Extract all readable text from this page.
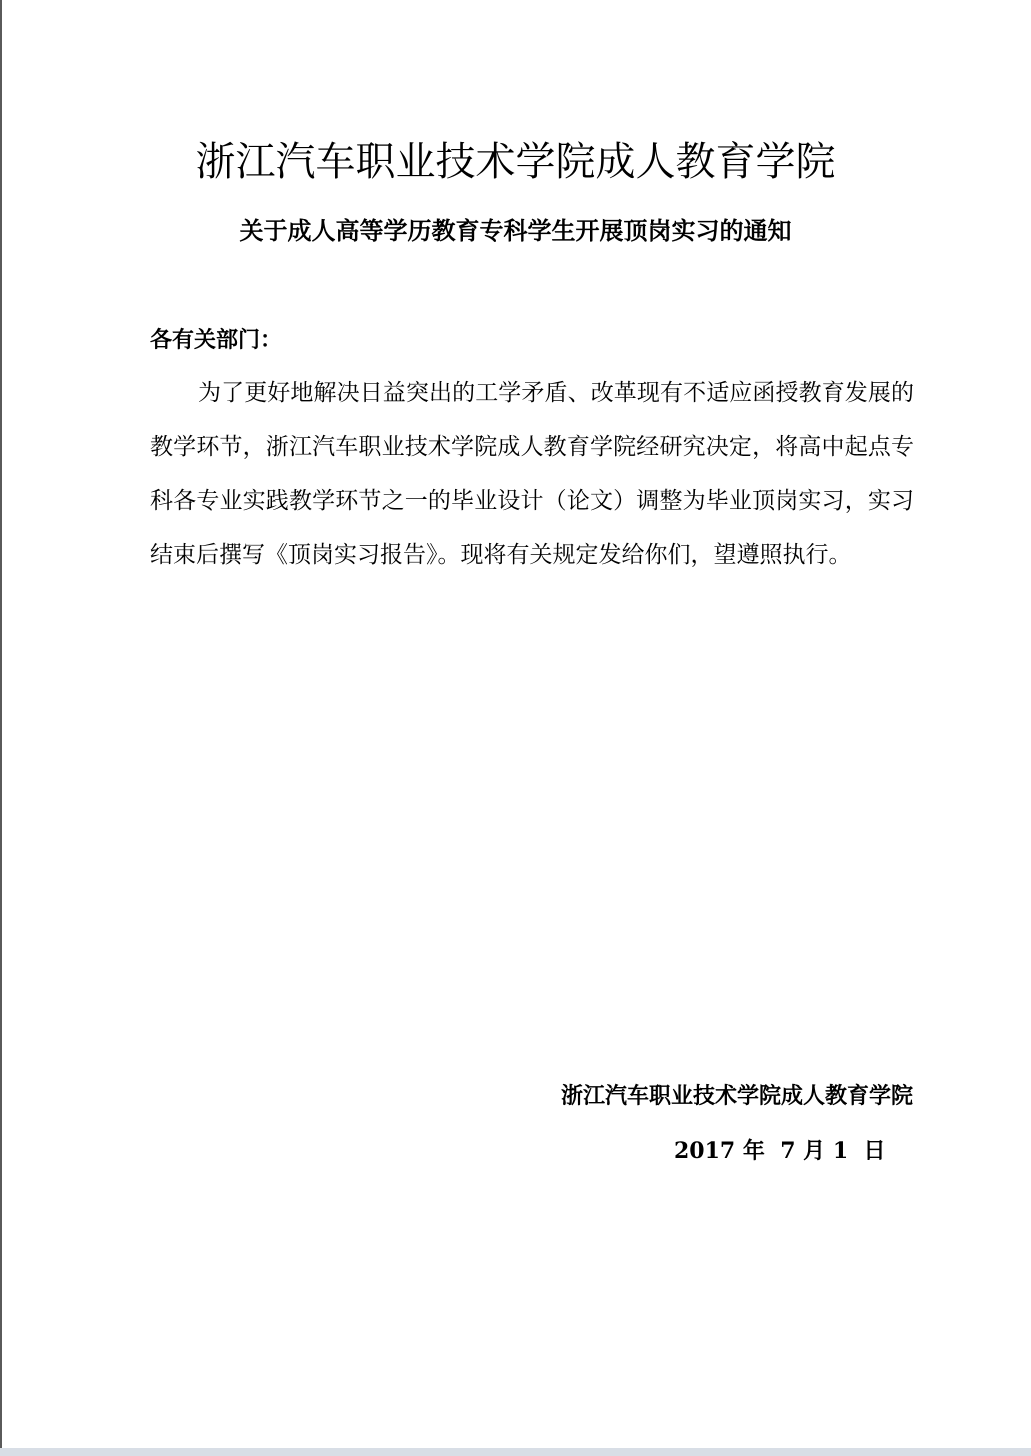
浙江汽车职业技术学院成人教育学院
关于成人高等学历教育专科学生开展顶岗实习的通知
各有关部门：
为了更好地解决日益突出的工学矛盾、改革现有不适应函授教育发展的教学环节，浙江汽车职业技术学院成人教育学院经研究决定，将高中起点专科各专业实践教学环节之一的毕业设计（论文）调整为毕业顶岗实习，实习结束后撰写《顶岗实习报告》。现将有关规定发给你们，望遵照执行。
浙江汽车职业技术学院成人教育学院
2017 年  7 月 1  日
